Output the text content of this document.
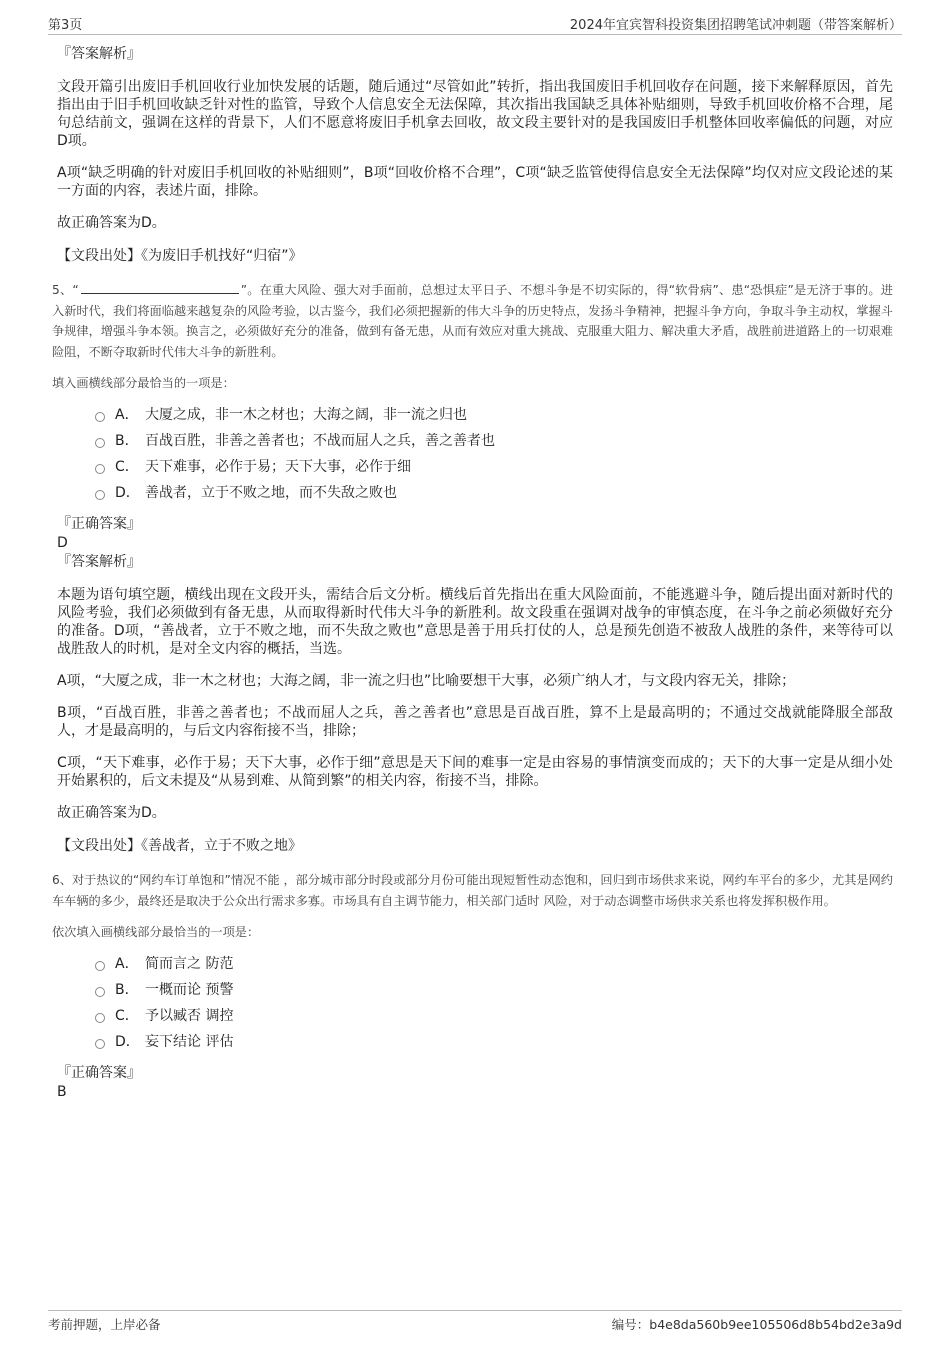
第3页	2024年宜宾智科投资集团招聘笔试冲刺题（带答案解析）

『答案解析』

文段开篇引出废旧手机回收行业加快发展的话题，随后通过“尽管如此”转折，指出我国废旧手机回收存在问题，接下来解释原因，首先指出由于旧手机回收缺乏针对性的监管，导致个人信息安全无法保障，其次指出我国缺乏具体补贴细则，导致手机回收价格不合理，尾句总结前文，强调在这样的背景下，人们不愿意将废旧手机拿去回收，故文段主要针对的是我国废旧手机整体回收率偏低的问题，对应D项。

A项“缺乏明确的针对废旧手机回收的补贴细则”，B项“回收价格不合理”，C项“缺乏监管使得信息安全无法保障”均仅对应文段论述的某一方面的内容，表述片面，排除。

故正确答案为D。

【文段出处】《为废旧手机找好“归宿”》

5、“	”。在重大风险、强大对手面前，总想过太平日子、不想斗争是不切实际的，得“软骨病”、患“恐惧症”是无济于事的。进入新时代，我们将面临越来越复杂的风险考验，以古鉴今，我们必须把握新的伟大斗争的历史特点，发扬斗争精神，把握斗争方向，争取斗争主动权，掌握斗争规律，增强斗争本领。换言之，必须做好充分的准备，做到有备无患，从而有效应对重大挑战、克服重大阻力、解决重大矛盾，战胜前进道路上的一切艰难险阻，不断夺取新时代伟大斗争的新胜利。

填入画横线部分最恰当的一项是：

A． 大厦之成，非一木之材也；大海之阔，非一流之归也
B． 百战百胜，非善之善者也；不战而屈人之兵，善之善者也
C． 天下难事，必作于易；天下大事，必作于细
D． 善战者，立于不败之地，而不失敌之败也

『正确答案』

D

『答案解析』

本题为语句填空题，横线出现在文段开头，需结合后文分析。横线后首先指出在重大风险面前，不能逃避斗争，随后提出面对新时代的风险考验，我们必须做到有备无患，从而取得新时代伟大斗争的新胜利。故文段重在强调对战争的审慎态度，在斗争之前必须做好充分的准备。D项，“善战者，立于不败之地，而不失敌之败也”意思是善于用兵打仗的人，总是预先创造不被敌人战胜的条件，来等待可以战胜敌人的时机，是对全文内容的概括，当选。

A项，“大厦之成，非一木之材也；大海之阔，非一流之归也”比喻要想干大事，必须广纳人才，与文段内容无关，排除；

B项，“百战百胜，非善之善者也；不战而屈人之兵，善之善者也”意思是百战百胜，算不上是最高明的；不通过交战就能降服全部敌人，才是最高明的，与后文内容衔接不当，排除；

C项，“天下难事，必作于易；天下大事，必作于细”意思是天下间的难事一定是由容易的事情演变而成的；天下的大事一定是从细小处开始累积的，后文未提及“从易到难、从简到繁”的相关内容，衔接不当，排除。

故正确答案为D。

【文段出处】《善战者，立于不败之地》

6、对于热议的“网约车订单饱和”情况不能 ，部分城市部分时段或部分月份可能出现短暂性动态饱和，回归到市场供求来说，网约车平台的多少，尤其是网约车车辆的多少，最终还是取决于公众出行需求多寡。市场具有自主调节能力，相关部门适时 风险，对于动态调整市场供求关系也将发挥积极作用。

依次填入画横线部分最恰当的一项是：

A． 简而言之 防范
B． 一概而论 预警
C． 予以臧否 调控
D． 妄下结论 评估

『正确答案』

B

考前押题，上岸必备	编号：b4e8da560b9ee105506d8b54bd2e3a9d
